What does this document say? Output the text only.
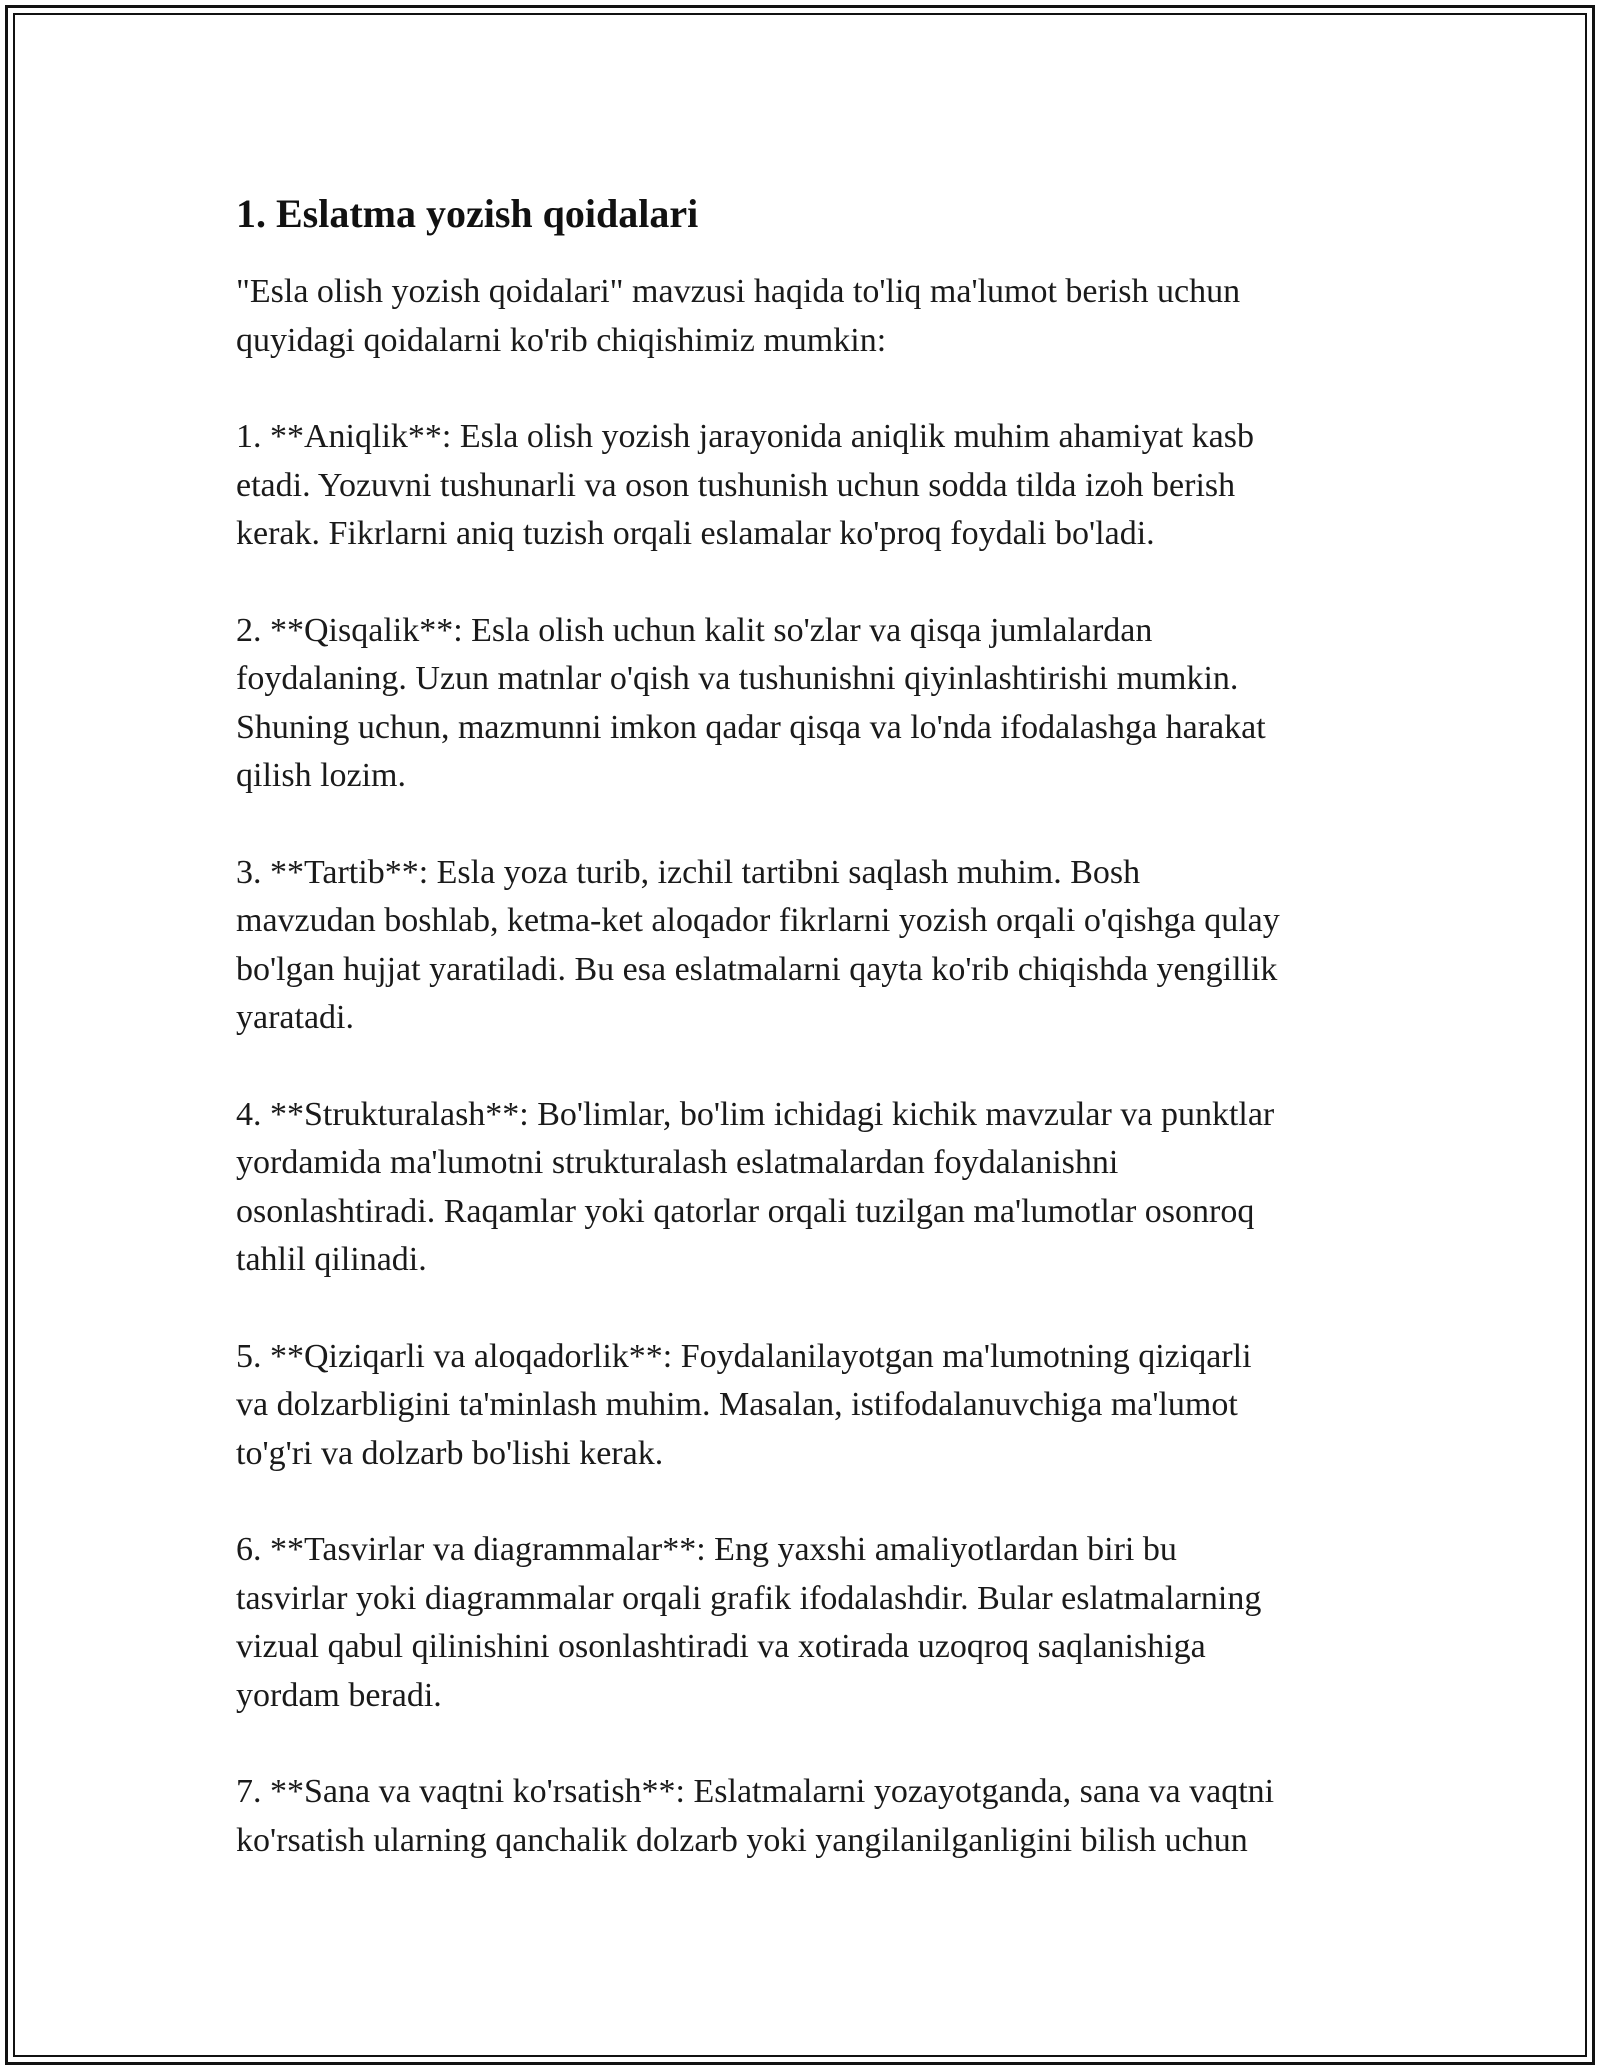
1. Eslatma yozish qoidalari

"Esla olish yozish qoidalari" mavzusi haqida to'liq ma'lumot berish uchun
quyidagi qoidalarni ko'rib chiqishimiz mumkin:

1. **Aniqlik**: Esla olish yozish jarayonida aniqlik muhim ahamiyat kasb
etadi. Yozuvni tushunarli va oson tushunish uchun sodda tilda izoh berish
kerak. Fikrlarni aniq tuzish orqali eslamalar ko'proq foydali bo'ladi.

2. **Qisqalik**: Esla olish uchun kalit so'zlar va qisqa jumlalardan
foydalaning. Uzun matnlar o'qish va tushunishni qiyinlashtirishi mumkin.
Shuning uchun, mazmunni imkon qadar qisqa va lo'nda ifodalashga harakat
qilish lozim.

3. **Tartib**: Esla yoza turib, izchil tartibni saqlash muhim. Bosh
mavzudan boshlab, ketma-ket aloqador fikrlarni yozish orqali o'qishga qulay
bo'lgan hujjat yaratiladi. Bu esa eslatmalarni qayta ko'rib chiqishda yengillik
yaratadi.

4. **Strukturalash**: Bo'limlar, bo'lim ichidagi kichik mavzular va punktlar
yordamida ma'lumotni strukturalash eslatmalardan foydalanishni
osonlashtiradi. Raqamlar yoki qatorlar orqali tuzilgan ma'lumotlar osonroq
tahlil qilinadi.

5. **Qiziqarli va aloqadorlik**: Foydalanilayotgan ma'lumotning qiziqarli
va dolzarbligini ta'minlash muhim. Masalan, istifodalanuvchiga ma'lumot
to'g'ri va dolzarb bo'lishi kerak.

6. **Tasvirlar va diagrammalar**: Eng yaxshi amaliyotlardan biri bu
tasvirlar yoki diagrammalar orqali grafik ifodalashdir. Bular eslatmalarning
vizual qabul qilinishini osonlashtiradi va xotirada uzoqroq saqlanishiga
yordam beradi.

7. **Sana va vaqtni ko'rsatish**: Eslatmalarni yozayotganda, sana va vaqtni
ko'rsatish ularning qanchalik dolzarb yoki yangilanilganligini bilish uchun
